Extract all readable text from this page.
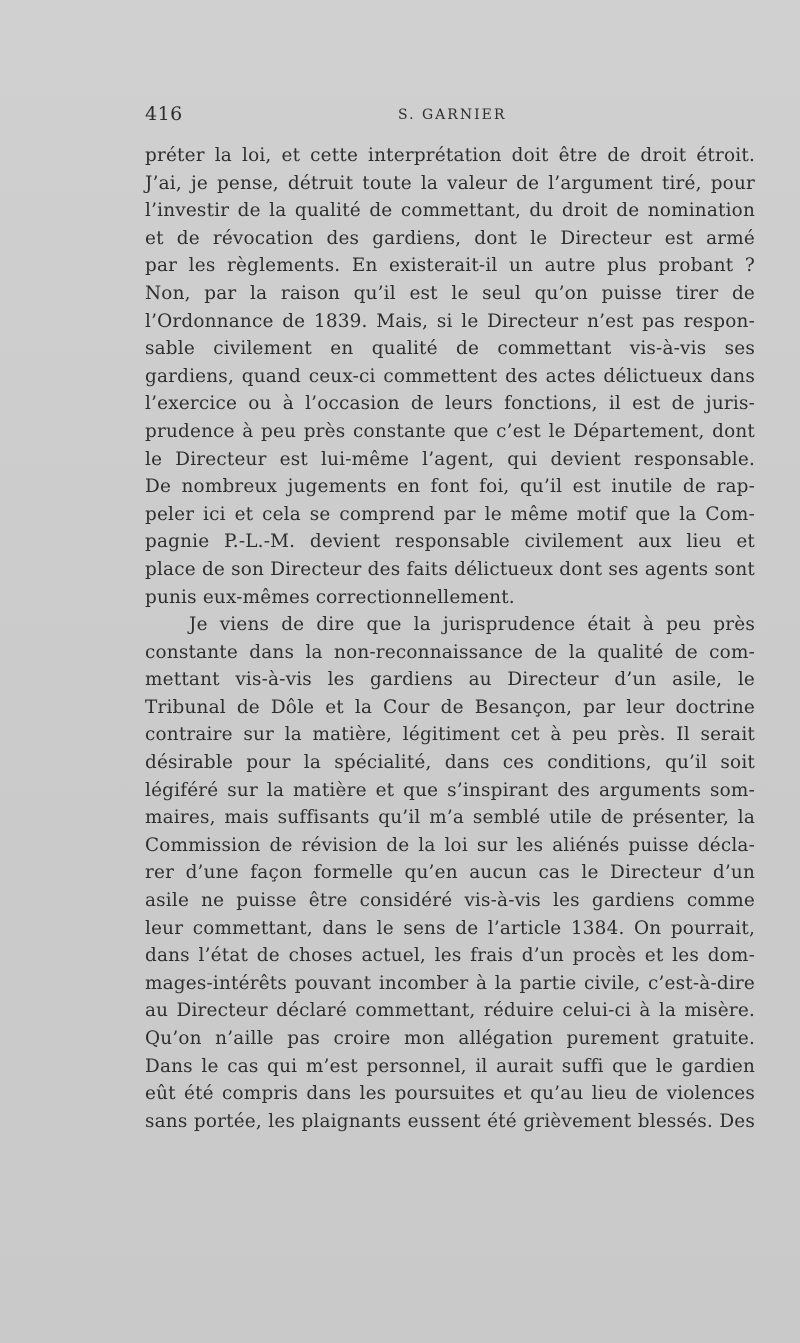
416	S. GARNIER
préter la loi, et cette interprétation doit être de droit étroit.
J’ai, je pense, détruit toute la valeur de l’argument tiré, pour
l’investir de la qualité de commettant, du droit de nomination
et de révocation des gardiens, dont le Directeur est armé
par les règlements. En existerait-il un autre plus probant ?
Non, par la raison qu’il est le seul qu’on puisse tirer de
l’Ordonnance de 1839. Mais, si le Directeur n’est pas respon-
sable civilement en qualité de commettant vis-à-vis ses
gardiens, quand ceux-ci commettent des actes délictueux dans
l’exercice ou à l’occasion de leurs fonctions, il est de juris-
prudence à peu près constante que c’est le Département, dont
le Directeur est lui-même l’agent, qui devient responsable.
De nombreux jugements en font foi, qu’il est inutile de rap-
peler ici et cela se comprend par le même motif que la Com-
pagnie P.-L.-M. devient responsable civilement aux lieu et
place de son Directeur des faits délictueux dont ses agents sont
punis eux-mêmes correctionnellement.
Je viens de dire que la jurisprudence était à peu près
constante dans la non-reconnaissance de la qualité de com-
mettant vis-à-vis les gardiens au Directeur d’un asile, le
Tribunal de Dôle et la Cour de Besançon, par leur doctrine
contraire sur la matière, légitiment cet à peu près. Il serait
désirable pour la spécialité, dans ces conditions, qu’il soit
légiféré sur la matière et que s’inspirant des arguments som-
maires, mais suffisants qu’il m’a semblé utile de présenter, la
Commission de révision de la loi sur les aliénés puisse décla-
rer d’une façon formelle qu’en aucun cas le Directeur d’un
asile ne puisse être considéré vis-à-vis les gardiens comme
leur commettant, dans le sens de l’article 1384. On pourrait,
dans l’état de choses actuel, les frais d’un procès et les dom-
mages-intérêts pouvant incomber à la partie civile, c’est-à-dire
au Directeur déclaré commettant, réduire celui-ci à la misère.
Qu’on n’aille pas croire mon allégation purement gratuite.
Dans le cas qui m’est personnel, il aurait suffi que le gardien
eût été compris dans les poursuites et qu’au lieu de violences
sans portée, les plaignants eussent été grièvement blessés. Des
